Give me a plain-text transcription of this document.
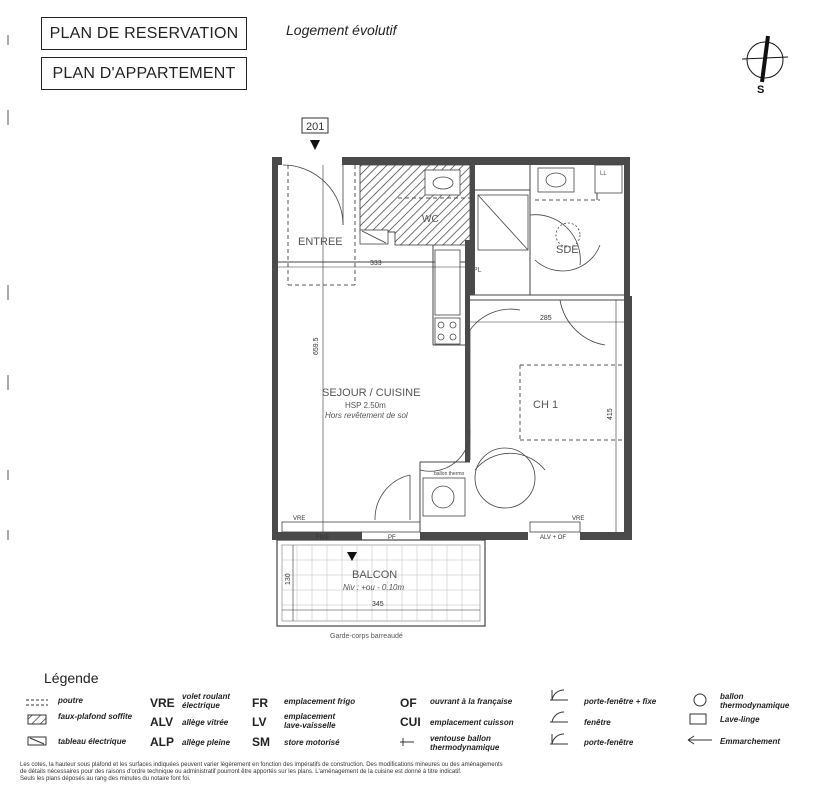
PLAN DE RESERVATION
PLAN D'APPARTEMENT
Logement évolutif
S
201
ballon thermo
ENTREE
WC
SDE
SEJOUR / CUISINE
HSP 2.50m
Hors revêtement de sol
CH 1
BALCON
Niv : +ou - 0.10m
LL
PL
333
285
659.5
415
130
345
VRE	VRE
FIXE	PF	ALV + OF
Garde-corps barreaudé
Légende
poutre
faux-plafond soffite
tableau électrique
VRE volet roulant électrique
ALV allège vitrée
ALP allège pleine
FR emplacement frigo
LV emplacement lave-vaisselle
SM store motorisé
OF ouvrant à la française
CUI emplacement cuisson
ventouse ballon thermodynamique
porte-fenêtre + fixe
fenêtre
porte-fenêtre
ballon thermodynamique
Lave-linge
Emmarchement
Les cotes, la hauteur sous plafond et les surfaces indiquées peuvent varier légèrement en fonction des impératifs de construction. Des modifications mineures ou des aménagements
de détails nécessaires pour des raisons d'ordre technique ou administratif pourront être apportés sur les plans. L'aménagement de la cuisine est donné à titre indicatif.
Seuls les plans déposés au rang des minutes du notaire font foi.
